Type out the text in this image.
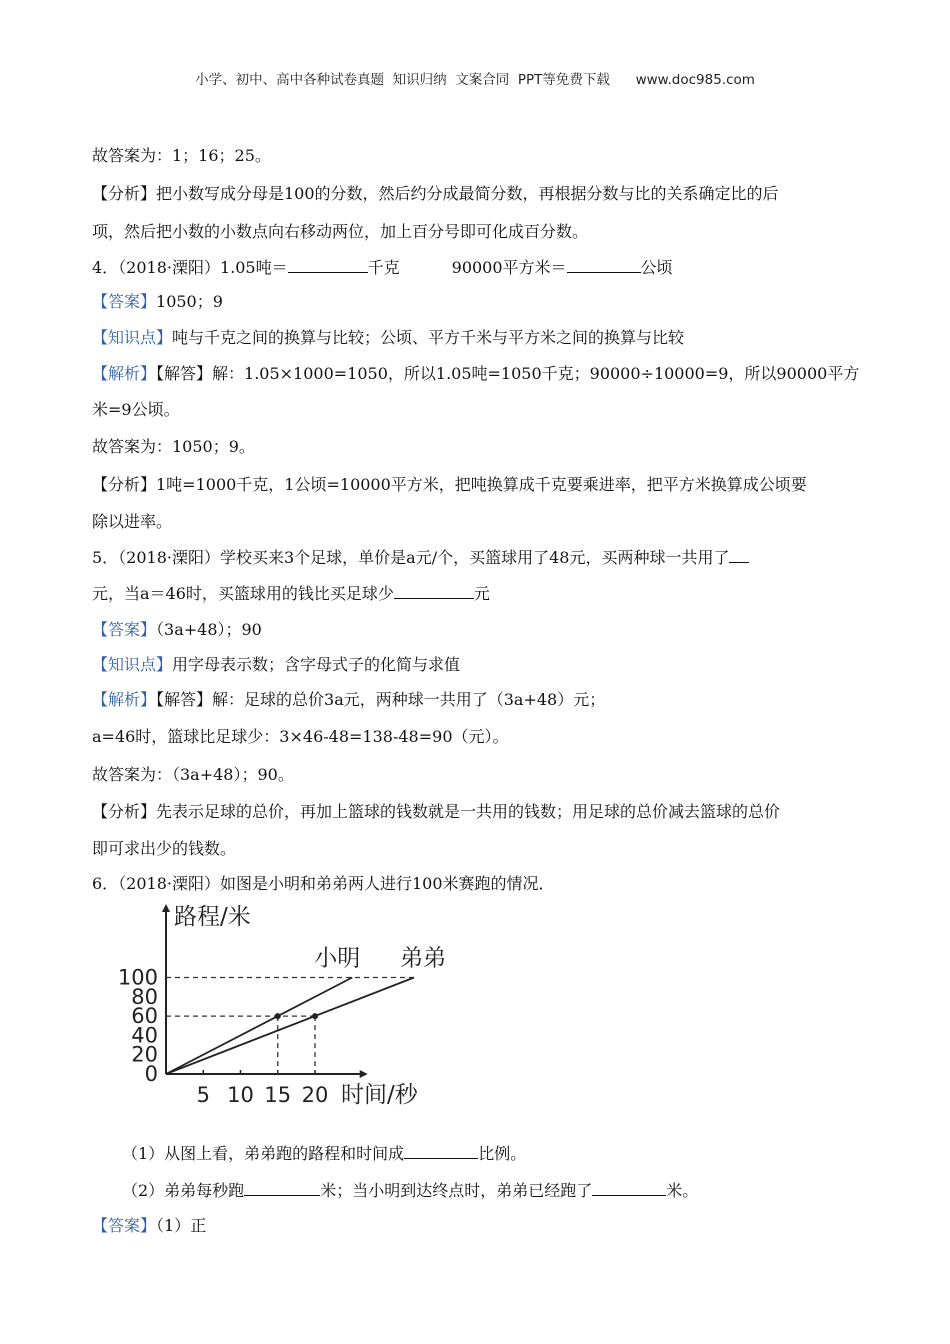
小学、初中、高中各种试卷真题  知识归纳  文案合同  PPT等免费下载      www.doc985.com
故答案为：1；16；25。
【分析】把小数写成分母是100的分数，然后约分成最简分数，再根据分数与比的关系确定比的后
项，然后把小数的小数点向右移动两位，加上百分号即可化成百分数。
4．（2018·溧阳）1.05吨＝	千克	90000平方米＝	公顷
【答案】1050；9
【知识点】吨与千克之间的换算与比较；公顷、平方千米与平方米之间的换算与比较
【解析】【解答】解：1.05×1000=1050，所以1.05吨=1050千克；90000÷10000=9，所以90000平方
米=9公顷。
故答案为：1050；9。
【分析】1吨=1000千克，1公顷=10000平方米，把吨换算成千克要乘进率，把平方米换算成公顷要
除以进率。
5．（2018·溧阳）学校买来3个足球，单价是a元/个，买篮球用了48元，买两种球一共用了
元，当a＝46时，买篮球用的钱比买足球少	元
【答案】（3a+48）；90
【知识点】用字母表示数；含字母式子的化简与求值
【解析】【解答】解：足球的总价3a元，两种球一共用了（3a+48）元；
a=46时，篮球比足球少：3×46-48=138-48=90（元）。
故答案为：（3a+48）；90。
【分析】先表示足球的总价，再加上篮球的钱数就是一共用的钱数；用足球的总价减去篮球的总价
即可求出少的钱数。
6．（2018·溧阳）如图是小明和弟弟两人进行100米赛跑的情况．
0
20
40
60
80
100
5 10 15 20 时间/秒
路程/米
小明 弟弟
（1）从图上看，弟弟跑的路程和时间成	比例。
（2）弟弟每秒跑	米；当小明到达终点时，弟弟已经跑了	米。
【答案】（1）正
